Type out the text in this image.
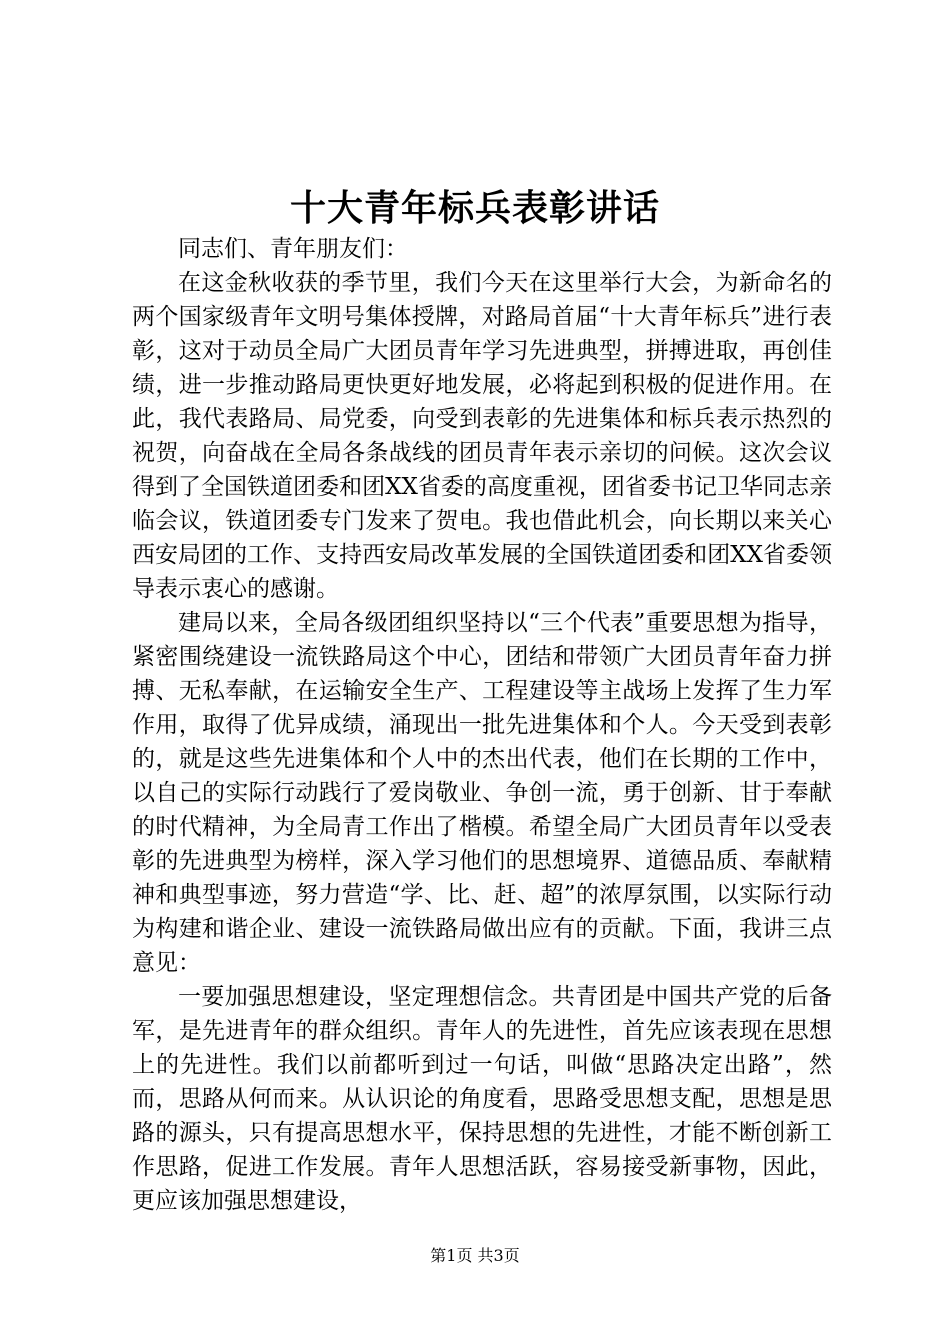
十大青年标兵表彰讲话

同志们、青年朋友们：

在这金秋收获的季节里，我们今天在这里举行大会，为新命名的两个国家级青年文明号集体授牌，对路局首届“十大青年标兵”进行表彰，这对于动员全局广大团员青年学习先进典型，拼搏进取，再创佳绩，进一步推动路局更快更好地发展，必将起到积极的促进作用。在此，我代表路局、局党委，向受到表彰的先进集体和标兵表示热烈的祝贺，向奋战在全局各条战线的团员青年表示亲切的问候。这次会议得到了全国铁道团委和团XX省委的高度重视，团省委书记卫华同志亲临会议，铁道团委专门发来了贺电。我也借此机会，向长期以来关心西安局团的工作、支持西安局改革发展的全国铁道团委和团XX省委领导表示衷心的感谢。

建局以来，全局各级团组织坚持以“三个代表”重要思想为指导，紧密围绕建设一流铁路局这个中心，团结和带领广大团员青年奋力拼搏、无私奉献，在运输安全生产、工程建设等主战场上发挥了生力军作用，取得了优异成绩，涌现出一批先进集体和个人。今天受到表彰的，就是这些先进集体和个人中的杰出代表，他们在长期的工作中，以自己的实际行动践行了爱岗敬业、争创一流，勇于创新、甘于奉献的时代精神，为全局青工作出了楷模。希望全局广大团员青年以受表彰的先进典型为榜样，深入学习他们的思想境界、道德品质、奉献精神和典型事迹，努力营造“学、比、赶、超”的浓厚氛围，以实际行动为构建和谐企业、建设一流铁路局做出应有的贡献。下面，我讲三点意见：

一要加强思想建设，坚定理想信念。共青团是中国共产党的后备军，是先进青年的群众组织。青年人的先进性，首先应该表现在思想上的先进性。我们以前都听到过一句话，叫做“思路决定出路”，然而，思路从何而来。从认识论的角度看，思路受思想支配，思想是思路的源头，只有提高思想水平，保持思想的先进性，才能不断创新工作思路，促进工作发展。青年人思想活跃，容易接受新事物，因此，更应该加强思想建设，

第1页 共3页
